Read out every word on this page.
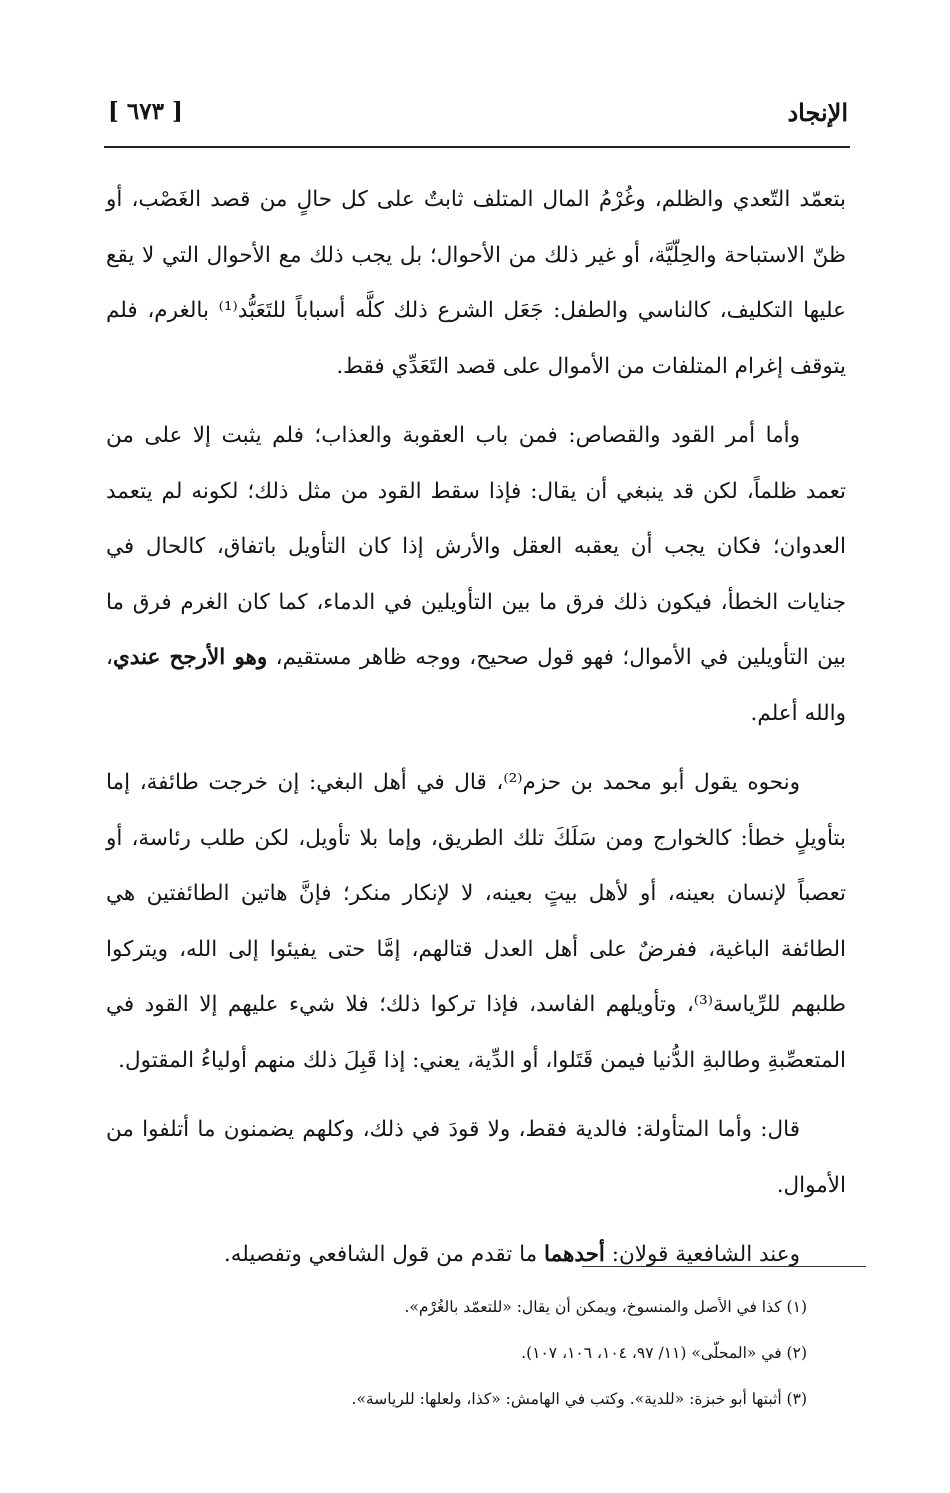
الإنجاد
[ ٦٧٣ ]

بتعمّد التّعدي والظلم، وغُرْمُ المال المتلف ثابتٌ على كل حالٍ من قصد الغَصْب، أو ظنّ الاستباحة والحِلّيَّة، أو غير ذلك من الأحوال؛ بل يجب ذلك مع الأحوال التي لا يقع عليها التكليف، كالناسي والطفل: جَعَل الشرع ذلك كلَّه أسباباً للتَعَبُّد⁽¹⁾ بالغرم، فلم يتوقف إغرام المتلفات من الأموال على قصد التَعَدِّي فقط.

وأما أمر القود والقصاص: فمن باب العقوبة والعذاب؛ فلم يثبت إلا على من تعمد ظلماً، لكن قد ينبغي أن يقال: فإذا سقط القود من مثل ذلك؛ لكونه لم يتعمد العدوان؛ فكان يجب أن يعقبه العقل والأرش إذا كان التأويل باتفاق، كالحال في جنايات الخطأ، فيكون ذلك فرق ما بين التأويلين في الدماء، كما كان الغرم فرق ما بين التأويلين في الأموال؛ فهو قول صحيح، ووجه ظاهر مستقيم، وهو الأرجح عندي، والله أعلم.

ونحوه يقول أبو محمد بن حزم⁽²⁾، قال في أهل البغي: إن خرجت طائفة، إما بتأويلٍ خطأ: كالخوارج ومن سَلَكَ تلك الطريق، وإما بلا تأويل، لكن طلب رئاسة، أو تعصباً لإنسان بعينه، أو لأهل بيتٍ بعينه، لا لإنكار منكر؛ فإنَّ هاتين الطائفتين هي الطائفة الباغية، ففرضٌ على أهل العدل قتالهم، إمَّا حتى يفيئوا إلى الله، ويتركوا طلبهم للرِّياسة⁽³⁾، وتأويلهم الفاسد، فإذا تركوا ذلك؛ فلا شيء عليهم إلا القود في المتعصِّبةِ وطالبةِ الدُّنيا فيمن قَتَلوا، أو الدِّية، يعني: إذا قَبِلَ ذلك منهم أولياءُ المقتول.

قال: وأما المتأولة: فالدية فقط، ولا قودَ في ذلك، وكلهم يضمنون ما أتلفوا من الأموال.

وعند الشافعية قولان: أحدهما ما تقدم من قول الشافعي وتفصيله.

(١) كذا في الأصل والمنسوخ، ويمكن أن يقال: «للتعمّد بالغُرْم».
(٢) في «المحلّى» (١١/ ٩٧، ١٠٤، ١٠٦، ١٠٧).
(٣) أثبتها أبو خبزة: «للدية». وكتب في الهامش: «كذا، ولعلها: للرياسة».
